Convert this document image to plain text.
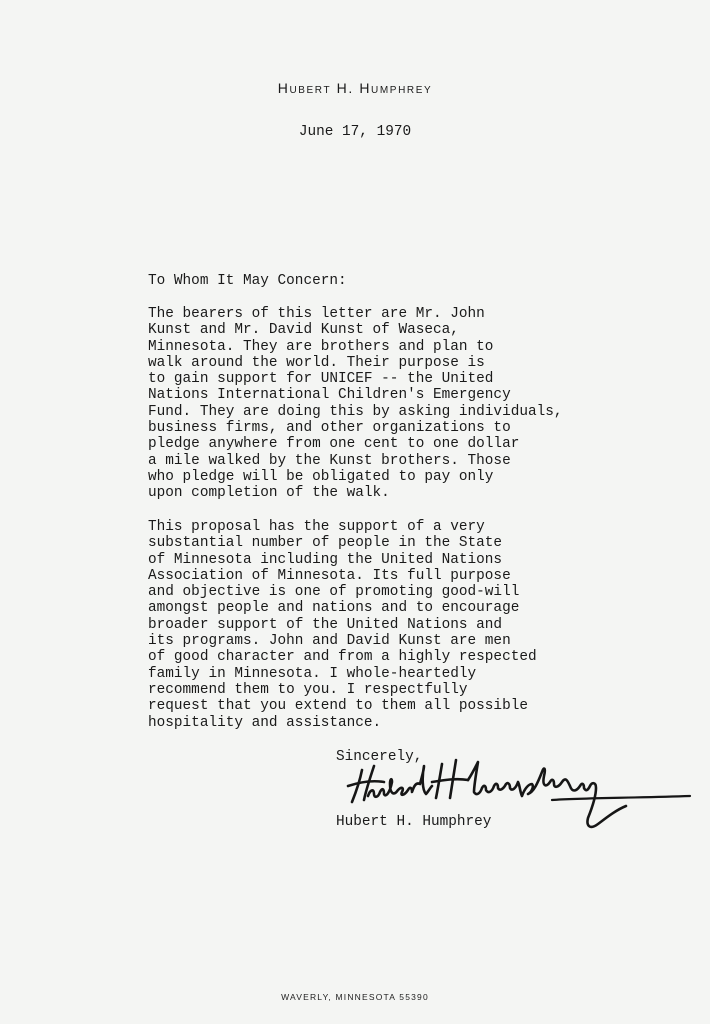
Hubert H. Humphrey
June 17, 1970
To Whom It May Concern:
The bearers of this letter are Mr. John
Kunst and Mr. David Kunst of Waseca,
Minnesota. They are brothers and plan to
walk around the world. Their purpose is
to gain support for UNICEF -- the United
Nations International Children's Emergency
Fund. They are doing this by asking individuals,
business firms, and other organizations to
pledge anywhere from one cent to one dollar
a mile walked by the Kunst brothers. Those
who pledge will be obligated to pay only
upon completion of the walk.
This proposal has the support of a very
substantial number of people in the State
of Minnesota including the United Nations
Association of Minnesota. Its full purpose
and objective is one of promoting good-will
amongst people and nations and to encourage
broader support of the United Nations and
its programs. John and David Kunst are men
of good character and from a highly respected
family in Minnesota. I whole-heartedly
recommend them to you. I respectfully
request that you extend to them all possible
hospitality and assistance.
Sincerely,
Hubert H. Humphrey
WAVERLY, MINNESOTA 55390
